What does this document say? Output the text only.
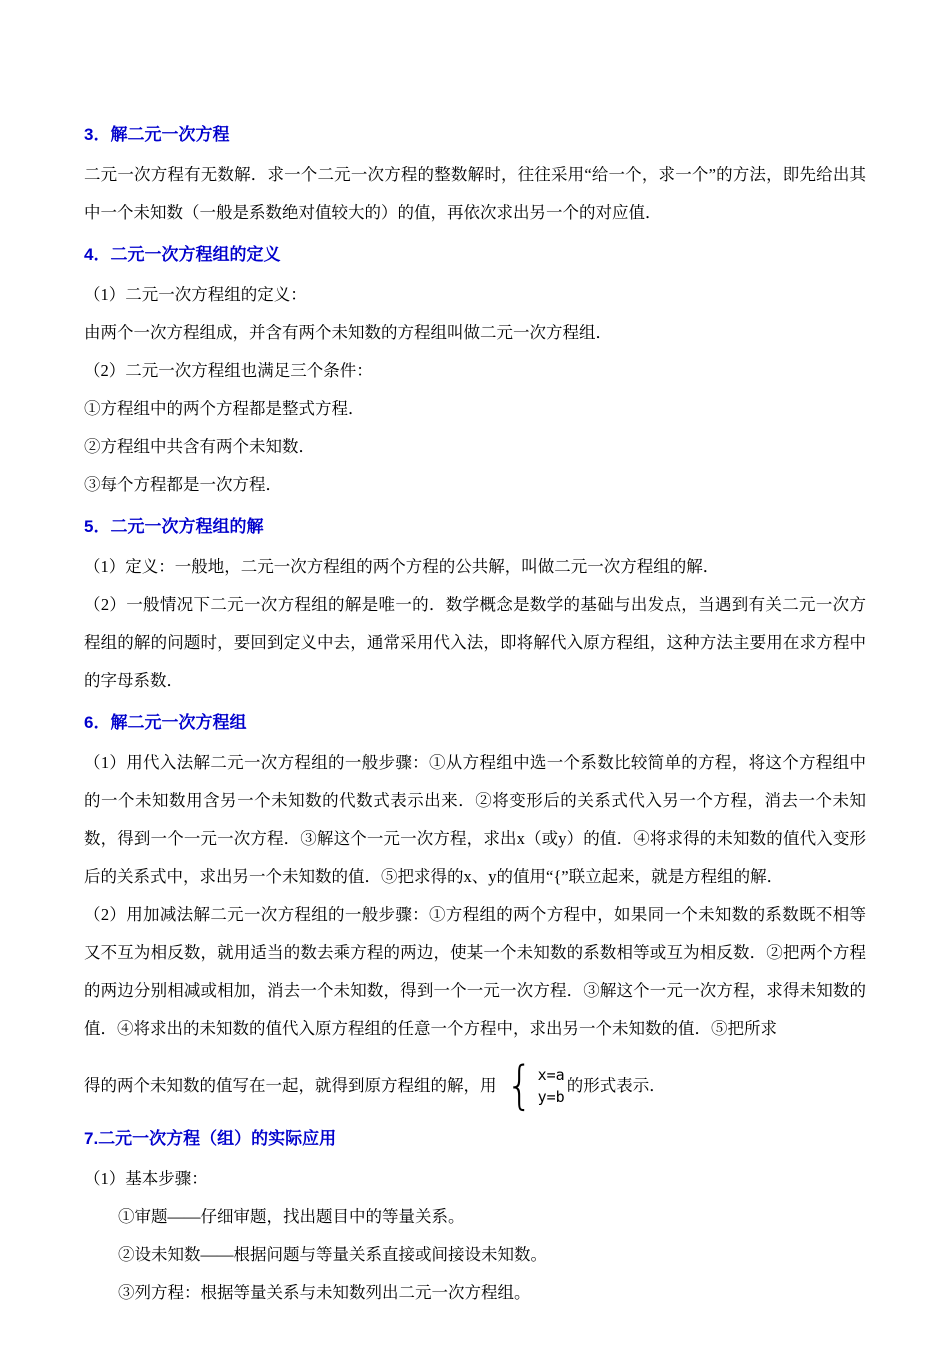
3．解二元一次方程

二元一次方程有无数解．求一个二元一次方程的整数解时，往往采用“给一个，求一个”的方法，即先给出其中一个未知数（一般是系数绝对值较大的）的值，再依次求出另一个的对应值．

4．二元一次方程组的定义

（1）二元一次方程组的定义：

由两个一次方程组成，并含有两个未知数的方程组叫做二元一次方程组．

（2）二元一次方程组也满足三个条件：

①方程组中的两个方程都是整式方程．

②方程组中共含有两个未知数．

③每个方程都是一次方程．

5．二元一次方程组的解

（1）定义：一般地，二元一次方程组的两个方程的公共解，叫做二元一次方程组的解．

（2）一般情况下二元一次方程组的解是唯一的．数学概念是数学的基础与出发点，当遇到有关二元一次方程组的解的问题时，要回到定义中去，通常采用代入法，即将解代入原方程组，这种方法主要用在求方程中的字母系数．

6．解二元一次方程组

（1）用代入法解二元一次方程组的一般步骤：①从方程组中选一个系数比较简单的方程，将这个方程组中的一个未知数用含另一个未知数的代数式表示出来．②将变形后的关系式代入另一个方程，消去一个未知数，得到一个一元一次方程．③解这个一元一次方程，求出x（或y）的值．④将求得的未知数的值代入变形后的关系式中，求出另一个未知数的值．⑤把求得的x、y的值用“{”联立起来，就是方程组的解．

（2）用加减法解二元一次方程组的一般步骤：①方程组的两个方程中，如果同一个未知数的系数既不相等又不互为相反数，就用适当的数去乘方程的两边，使某一个未知数的系数相等或互为相反数．②把两个方程的两边分别相减或相加，消去一个未知数，得到一个一元一次方程．③解这个一元一次方程，求得未知数的值．④将求出的未知数的值代入原方程组的任意一个方程中，求出另一个未知数的值．⑤把所求

得的两个未知数的值写在一起，就得到原方程组的解，用 { x=a
y=b
的形式表示．
7.二元一次方程（组）的实际应用

（1）基本步骤：

①审题——仔细审题，找出题目中的等量关系。

②设未知数——根据问题与等量关系直接或间接设未知数。

③列方程：根据等量关系与未知数列出二元一次方程组。
